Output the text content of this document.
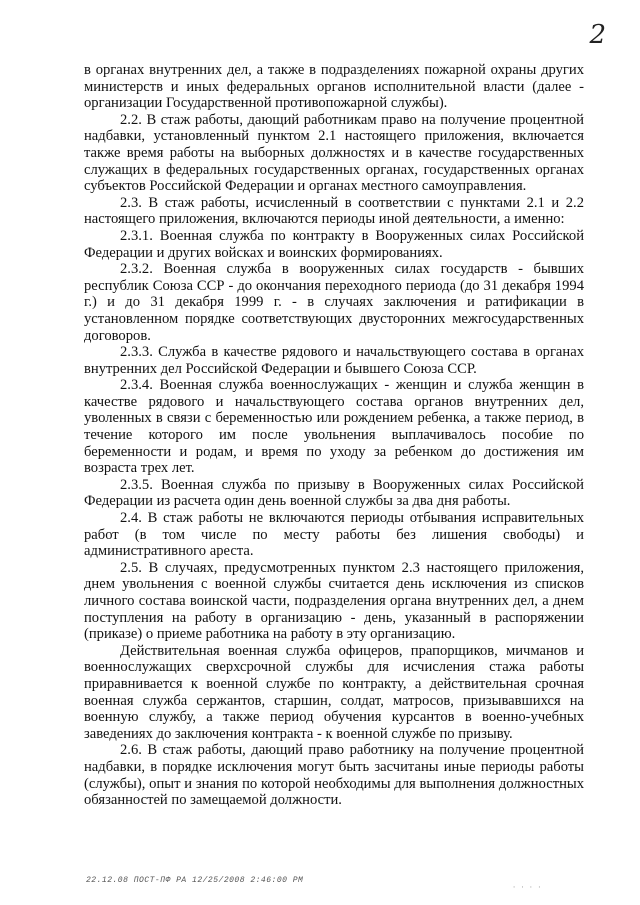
2

в органах внутренних дел, а также в подразделениях пожарной охраны других министерств и иных федеральных органов исполнительной власти (далее - организации Государственной противопожарной службы).

2.2. В стаж работы, дающий работникам право на получение процентной надбавки, установленный пунктом 2.1 настоящего приложения, включается также время работы на выборных должностях и в качестве государственных служащих в федеральных государственных органах, государственных органах субъектов Российской Федерации и органах местного самоуправления.

2.3. В стаж работы, исчисленный в соответствии с пунктами 2.1 и 2.2 настоящего приложения, включаются периоды иной деятельности, а именно:

2.3.1. Военная служба по контракту в Вооруженных силах Российской Федерации и других войсках и воинских формированиях.

2.3.2. Военная служба в вооруженных силах государств - бывших республик Союза ССР - до окончания переходного периода (до 31 декабря 1994 г.) и до 31 декабря 1999 г. - в случаях заключения и ратификации в установленном порядке соответствующих двусторонних межгосударственных договоров.

2.3.3. Служба в качестве рядового и начальствующего состава в органах внутренних дел Российской Федерации и бывшего Союза ССР.

2.3.4. Военная служба военнослужащих - женщин и служба женщин в качестве рядового и начальствующего состава органов внутренних дел, уволенных в связи с беременностью или рождением ребенка, а также период, в течение которого им после увольнения выплачивалось пособие по беременности и родам, и время по уходу за ребенком до достижения им возраста трех лет.

2.3.5. Военная служба по призыву в Вооруженных силах Российской Федерации из расчета один день военной службы за два дня работы.

2.4. В стаж работы не включаются периоды отбывания исправительных работ (в том числе по месту работы без лишения свободы) и административного ареста.

2.5. В случаях, предусмотренных пунктом 2.3 настоящего приложения, днем увольнения с военной службы считается день исключения из списков личного состава воинской части, подразделения органа внутренних дел, а днем поступления на работу в организацию - день, указанный в распоряжении (приказе) о приеме работника на работу в эту организацию.

Действительная военная служба офицеров, прапорщиков, мичманов и военнослужащих сверхсрочной службы для исчисления стажа работы приравнивается к военной службе по контракту, а действительная срочная военная служба сержантов, старшин, солдат, матросов, призывавшихся на военную службу, а также период обучения курсантов в военно-учебных заведениях до заключения контракта - к военной службе по призыву.

2.6. В стаж работы, дающий право работнику на получение процентной надбавки, в порядке исключения могут быть засчитаны иные периоды работы (службы), опыт и знания по которой необходимы для выполнения должностных обязанностей по замещаемой должности.

22.12.08 ПОСТ-ПФ РА 12/25/2008 2:46:00 PM
· · · ·
